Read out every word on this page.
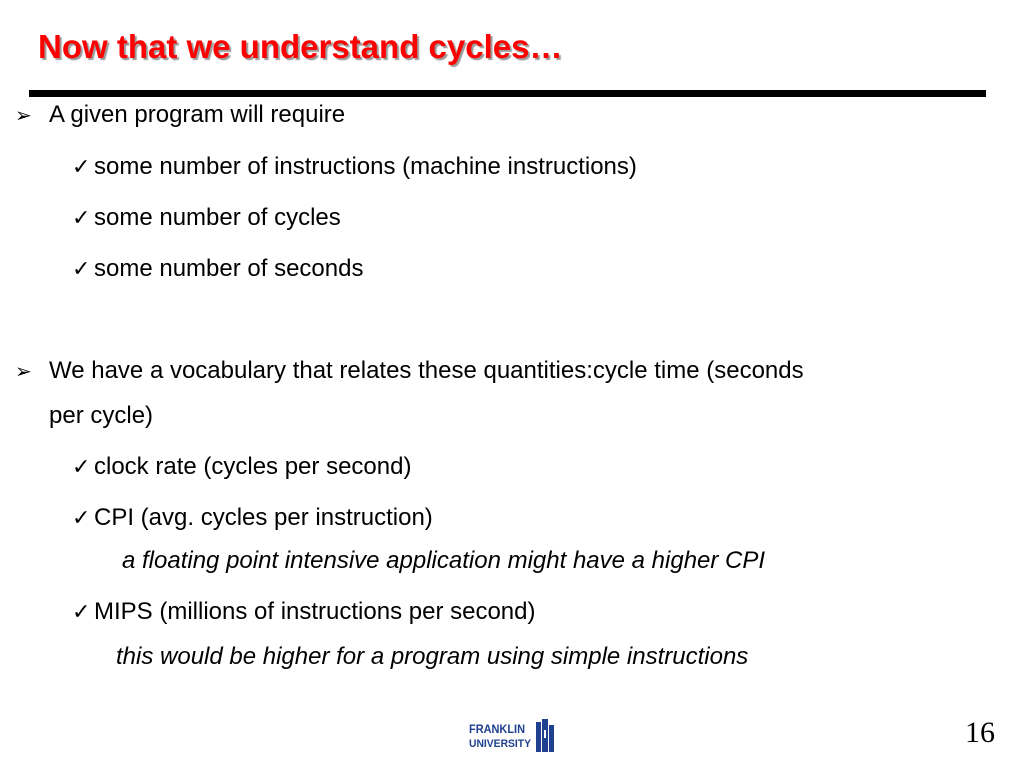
Now that we understand cycles…
➢ A given program will require
✓ some number of instructions (machine instructions)
✓ some number of cycles
✓ some number of seconds
➢ We have a vocabulary that relates these quantities:cycle time (seconds
per cycle)
✓ clock rate (cycles per second)
✓ CPI (avg. cycles per instruction)
a floating point intensive application might have a higher CPI
✓ MIPS (millions of instructions per second)
this would be higher for a program using simple instructions
FRANKLIN
UNIVERSITY	16
